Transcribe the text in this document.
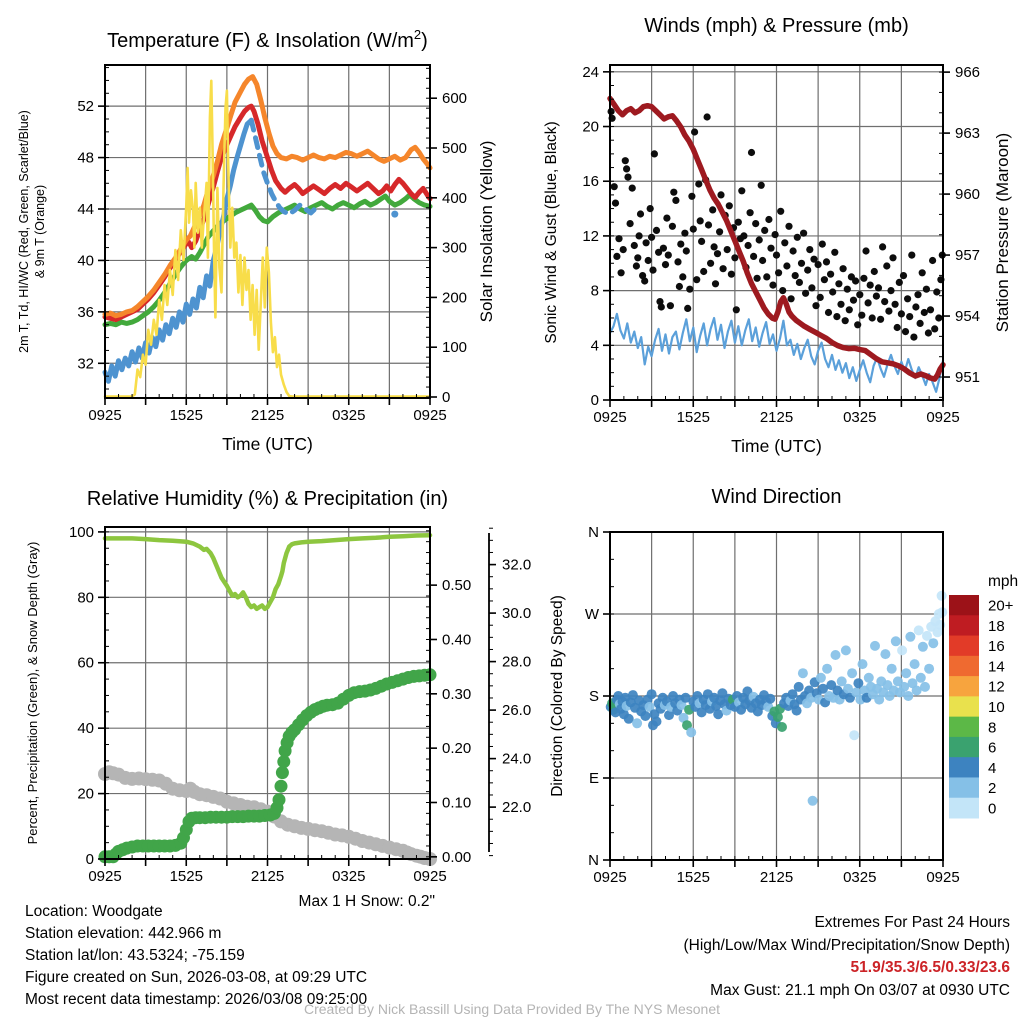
0925	1525	2125	0325	0925
Time (UTC)
32
36
40
44
48
52
2m T, Td, HI/WC (Red, Green, Scarlet/Blue) & 9m T (Orange)
0
100
200
300
400
500
600
Solar Insolation (Yellow)
Temperature (F) & Insolation $(W/m^2)$
0925	1525	2125	0325	0925
Time (UTC)
0
4
8
12
16
20
24
Sonic Wind & Gust (Blue, Black)
951
954
957
960
963
966
Station Pressure (Maroon)
Winds (mph) & Pressure (mb)
0925	1525	2125	0325	0925
0
20
40
60
80
100
Percent, Precipitation (Green), & Snow Depth (Gray)
0.00
0.10
0.20
0.30
0.40
0.50
22.0
24.0
26.0
28.0
30.0
32.0
Relative Humidity (%) & Precipitation (in)
0925	1525	2125	0325	0925
N
E
S
W
N
Direction (Colored By Speed)
Wind Direction
mph
20+
18
16
14
12
10
8
6
4
2
0
Location: Woodgate
Station elevation: 442.966 m
Station lat/lon: 43.5324; -75.159
Figure created on Sun, 2026-03-08, at 09:29 UTC
Most recent data timestamp: 2026/03/08 09:25:00
Max 1 H Snow: 0.2"
Extremes For Past 24 Hours
(High/Low/Max Wind/Precipitation/Snow Depth)
51.9/35.3/6.5/0.33/23.6
Max Gust: 21.1 mph On 03/07 at 0930 UTC
Created By Nick Bassill Using Data Provided By The NYS Mesonet
